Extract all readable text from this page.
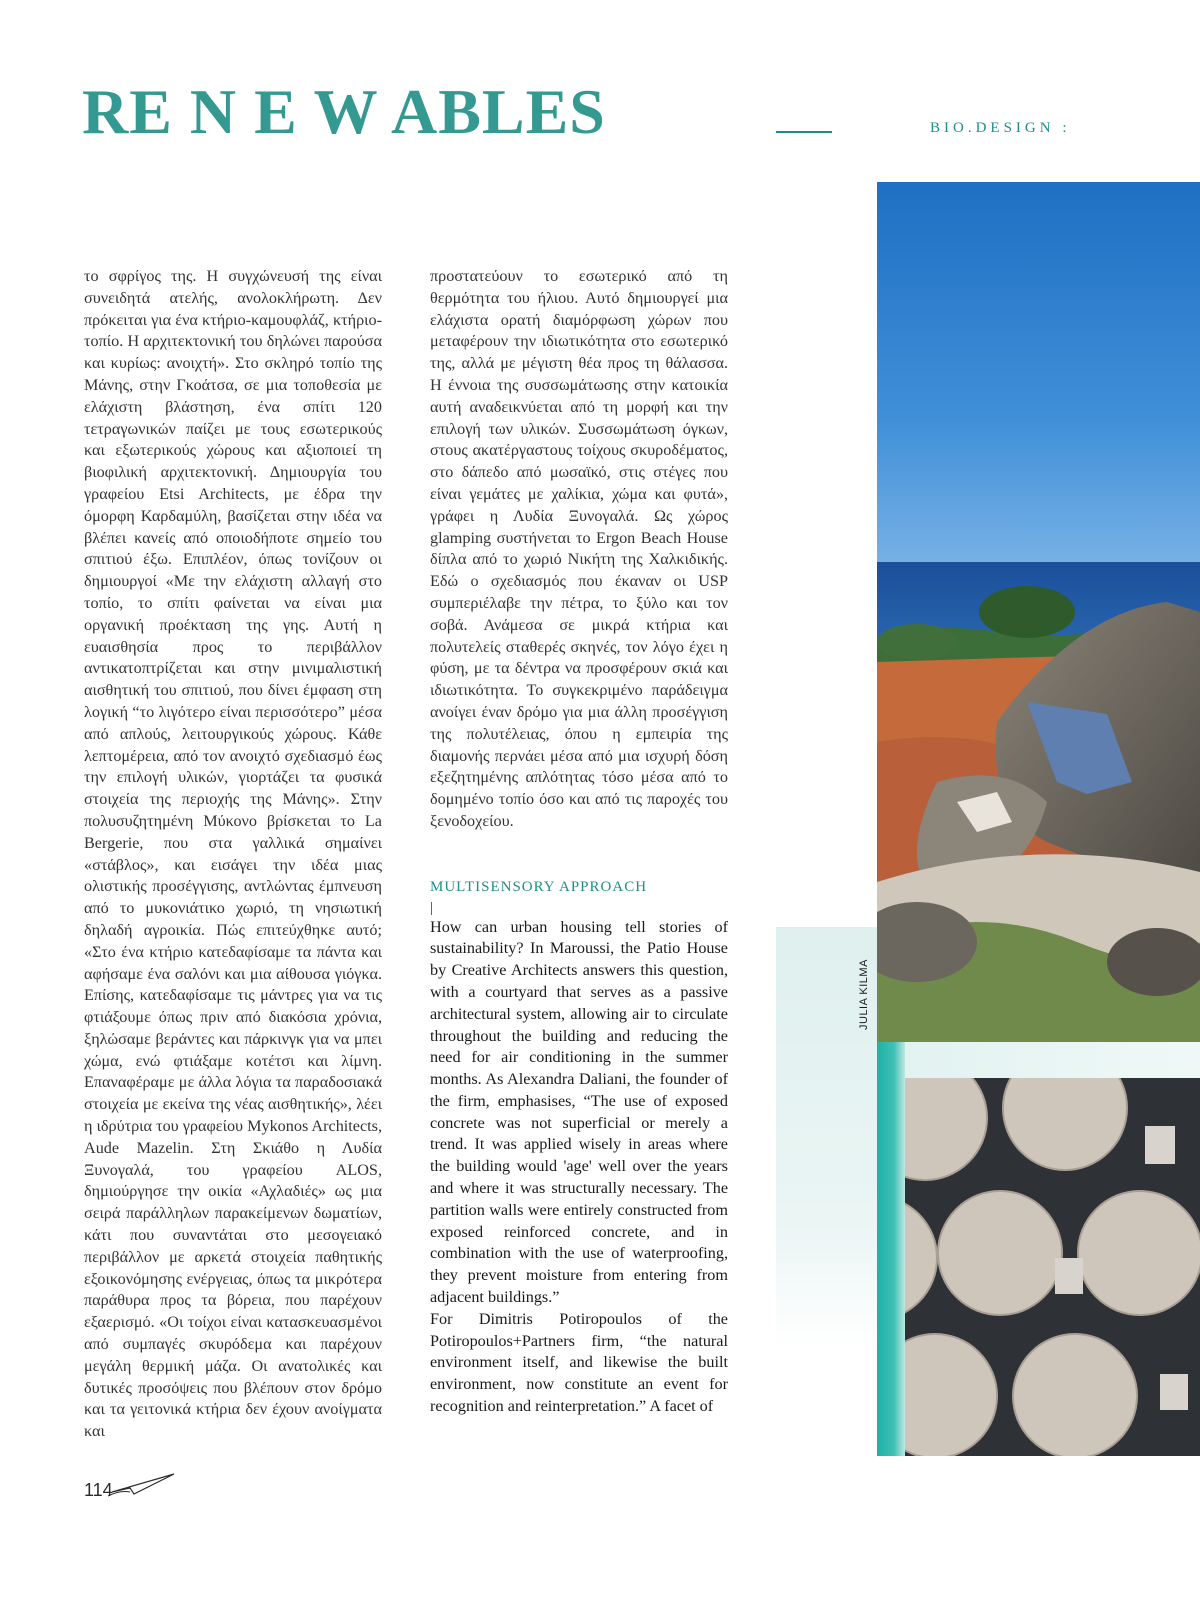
RE N E W ABLES	BIO.DESIGN :

το σφρίγος της. Η συγχώνευσή της είναι συνειδητά ατελής, ανολοκλήρωτη. Δεν πρόκειται για ένα κτήριο-καμουφλάζ, κτήριο-τοπίο. Η αρχιτεκτονική του δηλώνει παρούσα και κυρίως: ανοιχτή». Στο σκληρό τοπίο της Μάνης, στην Γκοάτσα, σε μια τοποθεσία με ελάχιστη βλάστηση, ένα σπίτι 120 τετραγωνικών παίζει με τους εσωτερικούς και εξωτερικούς χώρους και αξιοποιεί τη βιοφιλική αρχιτεκτονική. Δημιουργία του γραφείου Etsi Architects, με έδρα την όμορφη Καρδαμύλη, βασίζεται στην ιδέα να βλέπει κανείς από οποιοδήποτε σημείο του σπιτιού έξω. Επιπλέον, όπως τονίζουν οι δημιουργοί «Με την ελάχιστη αλλαγή στο τοπίο, το σπίτι φαίνεται να είναι μια οργανική προέκταση της γης. Αυτή η ευαισθησία προς το περιβάλλον αντικατοπτρίζεται και στην μινιμαλιστική αισθητική του σπιτιού, που δίνει έμφαση στη λογική “το λιγότερο είναι περισσότερο” μέσα από απλούς, λειτουργικούς χώρους. Κάθε λεπτομέρεια, από τον ανοιχτό σχεδιασμό έως την επιλογή υλικών, γιορτάζει τα φυσικά στοιχεία της περιοχής της Μάνης». Στην πολυσυζητημένη Μύκονο βρίσκεται το La Bergerie, που στα γαλλικά σημαίνει «στάβλος», και εισάγει την ιδέα μιας ολιστικής προσέγγισης, αντλώντας έμπνευση από το μυκονιάτικο χωριό, τη νησιωτική δηλαδή αγροικία. Πώς επιτεύχθηκε αυτό; «Στο ένα κτήριο κατεδαφίσαμε τα πάντα και αφήσαμε ένα σαλόνι και μια αίθουσα γιόγκα. Επίσης, κατεδαφίσαμε τις μάντρες για να τις φτιάξουμε όπως πριν από διακόσια χρόνια, ξηλώσαμε βεράντες και πάρκινγκ για να μπει χώμα, ενώ φτιάξαμε κοτέτσι και λίμνη. Επαναφέραμε με άλλα λόγια τα παραδοσιακά στοιχεία με εκείνα της νέας αισθητικής», λέει η ιδρύτρια του γραφείου Mykonos Architects, Aude Mazelin. Στη Σκιάθο η Λυδία Ξυνογαλά, του γραφείου ALOS, δημιούργησε την οικία «Αχλαδιές» ως μια σειρά παράλληλων παρακείμενων δωματίων, κάτι που συναντάται στο μεσογειακό περιβάλλον με αρκετά στοιχεία παθητικής εξοικονόμησης ενέργειας, όπως τα μικρότερα παράθυρα προς τα βόρεια, που παρέχουν εξαερισμό. «Οι τοίχοι είναι κατασκευασμένοι από συμπαγές σκυρόδεμα και παρέχουν μεγάλη θερμική μάζα. Οι ανατολικές και δυτικές προσόψεις που βλέπουν στον δρόμο και τα γειτονικά κτήρια δεν έχουν ανοίγματα και

προστατεύουν το εσωτερικό από τη θερμότητα του ήλιου. Αυτό δημιουργεί μια ελάχιστα ορατή διαμόρφωση χώρων που μεταφέρουν την ιδιωτικότητα στο εσωτερικό της, αλλά με μέγιστη θέα προς τη θάλασσα. Η έννοια της συσσωμάτωσης στην κατοικία αυτή αναδεικνύεται από τη μορφή και την επιλογή των υλικών. Συσσωμάτωση όγκων, στους ακατέργαστους τοίχους σκυροδέματος, στο δάπεδο από μωσαϊκό, στις στέγες που είναι γεμάτες με χαλίκια, χώμα και φυτά», γράφει η Λυδία Ξυνογαλά. Ως χώρος glamping συστήνεται το Ergon Beach House δίπλα από το χωριό Νικήτη της Χαλκιδικής. Εδώ ο σχεδιασμός που έκαναν οι USP συμπεριέλαβε την πέτρα, το ξύλο και τον σοβά. Ανάμεσα σε μικρά κτήρια και πολυτελείς σταθερές σκηνές, τον λόγο έχει η φύση, με τα δέντρα να προσφέρουν σκιά και ιδιωτικότητα. Το συγκεκριμένο παράδειγμα ανοίγει έναν δρόμο για μια άλλη προσέγγιση της πολυτέλειας, όπου η εμπειρία της διαμονής περνάει μέσα από μια ισχυρή δόση εξεζητημένης απλότητας τόσο μέσα από το δομημένο τοπίο όσο και από τις παροχές του ξενοδοχείου.

MULTISENSORY APPROACH
|

How can urban housing tell stories of sustainability? In Maroussi, the Patio House by Creative Architects answers this question, with a courtyard that serves as a passive architectural system, allowing air to circulate throughout the building and reducing the need for air conditioning in the summer months. As Alexandra Daliani, the founder of the firm, emphasises, “The use of exposed concrete was not superficial or merely a trend. It was applied wisely in areas where the building would 'age' well over the years and where it was structurally necessary. The partition walls were entirely constructed from exposed reinforced concrete, and in combination with the use of waterproofing, they prevent moisture from entering from adjacent buildings.”

For Dimitris Potiropoulos of the Potiropoulos+Partners firm, “the natural environment itself, and likewise the built environment, now constitute an event for recognition and reinterpretation.” A facet of

JULIA KILMA
114
